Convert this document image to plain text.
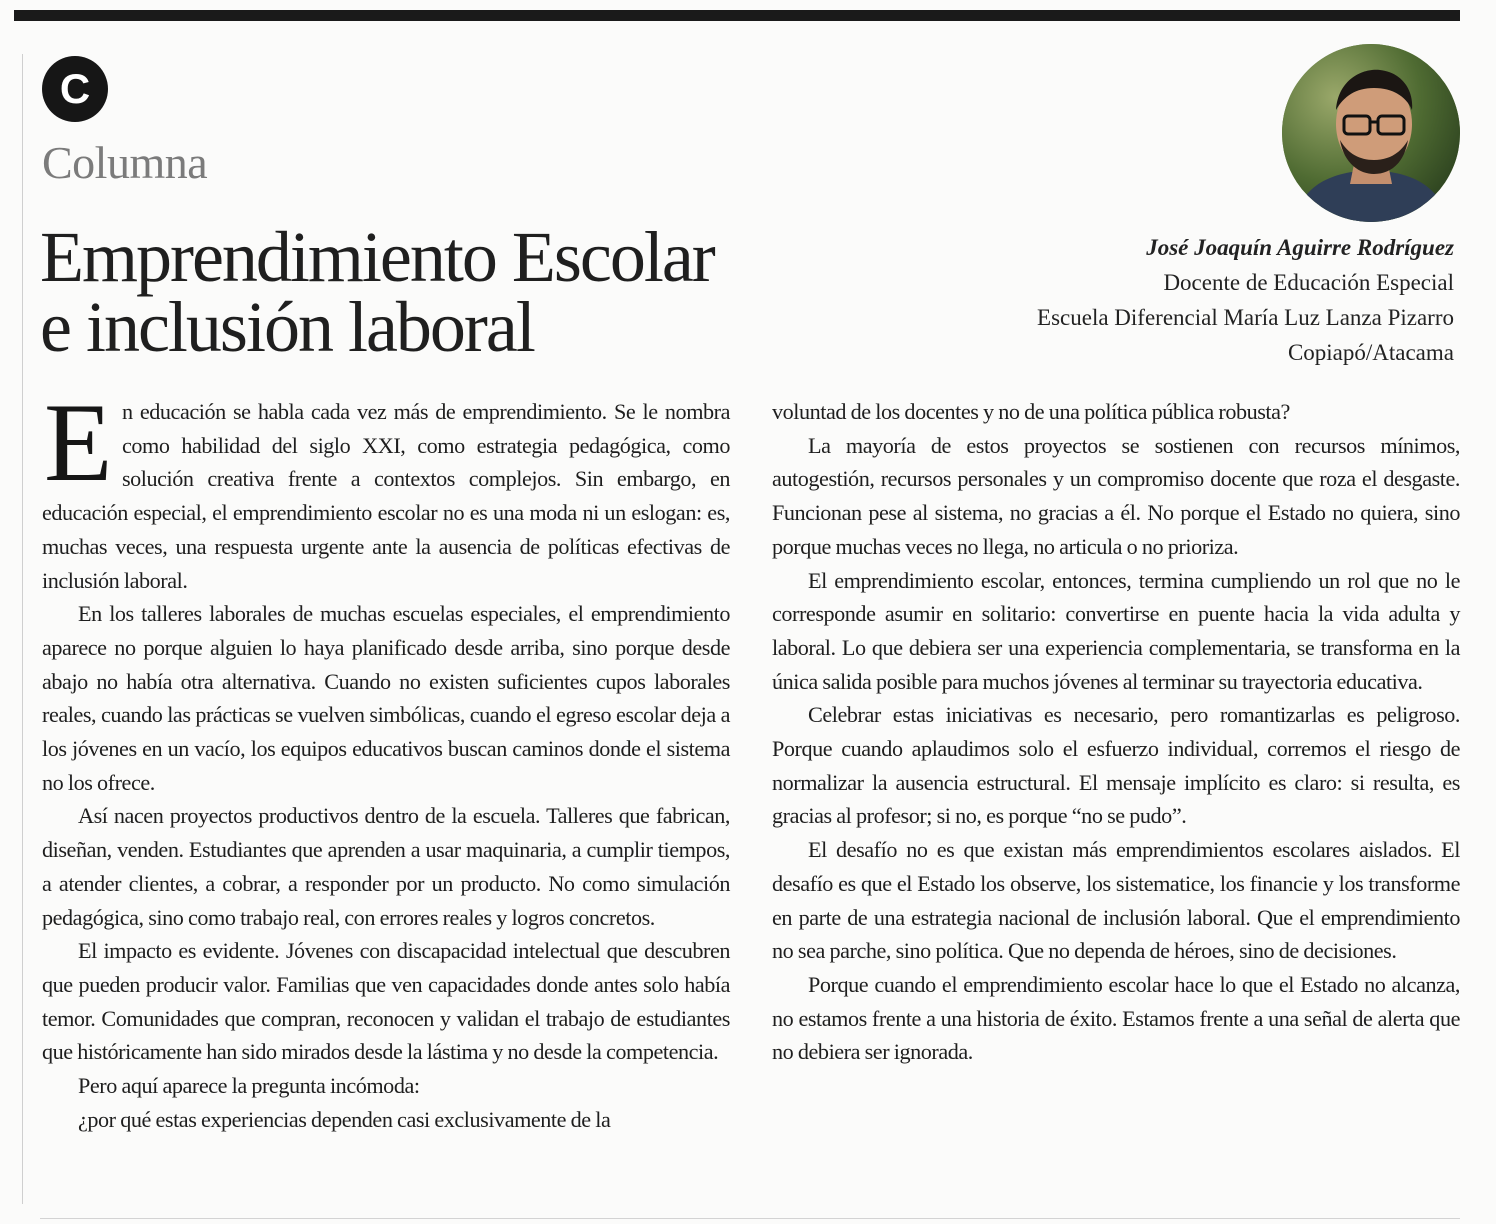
C
Columna
Emprendimiento Escolar
e inclusión laboral
José Joaquín Aguirre Rodríguez
Docente de Educación Especial
Escuela Diferencial María Luz Lanza Pizarro
Copiapó/Atacama

En educación se habla cada vez más de emprendimiento. Se le nombra como habilidad del siglo XXI, como estrategia pedagógica, como solución creativa frente a contextos complejos. Sin embargo, en educación especial, el emprendimiento escolar no es una moda ni un eslogan: es, muchas veces, una respuesta urgente ante la ausencia de políticas efectivas de inclusión laboral.

En los talleres laborales de muchas escuelas especiales, el emprendimiento aparece no porque alguien lo haya planificado desde arriba, sino porque desde abajo no había otra alternativa. Cuando no existen suficientes cupos laborales reales, cuando las prácticas se vuelven simbólicas, cuando el egreso escolar deja a los jóvenes en un vacío, los equipos educativos buscan caminos donde el sistema no los ofrece.

Así nacen proyectos productivos dentro de la escuela. Talleres que fabrican, diseñan, venden. Estudiantes que aprenden a usar maquinaria, a cumplir tiempos, a atender clientes, a cobrar, a responder por un producto. No como simulación pedagógica, sino como trabajo real, con errores reales y logros concretos.

El impacto es evidente. Jóvenes con discapacidad intelectual que descubren que pueden producir valor. Familias que ven capacidades donde antes solo había temor. Comunidades que compran, reconocen y validan el trabajo de estudiantes que históricamente han sido mirados desde la lástima y no desde la competencia.

Pero aquí aparece la pregunta incómoda:

¿por qué estas experiencias dependen casi exclusivamente de la

voluntad de los docentes y no de una política pública robusta?

La mayoría de estos proyectos se sostienen con recursos mínimos, autogestión, recursos personales y un compromiso docente que roza el desgaste. Funcionan pese al sistema, no gracias a él. No porque el Estado no quiera, sino porque muchas veces no llega, no articula o no prioriza.

El emprendimiento escolar, entonces, termina cumpliendo un rol que no le corresponde asumir en solitario: convertirse en puente hacia la vida adulta y laboral. Lo que debiera ser una experiencia complementaria, se transforma en la única salida posible para muchos jóvenes al terminar su trayectoria educativa.

Celebrar estas iniciativas es necesario, pero romantizarlas es peligroso. Porque cuando aplaudimos solo el esfuerzo individual, corremos el riesgo de normalizar la ausencia estructural. El mensaje implícito es claro: si resulta, es gracias al profesor; si no, es porque “no se pudo”.

El desafío no es que existan más emprendimientos escolares aislados. El desafío es que el Estado los observe, los sistematice, los financie y los transforme en parte de una estrategia nacional de inclusión laboral. Que el emprendimiento no sea parche, sino política. Que no dependa de héroes, sino de decisiones.

Porque cuando el emprendimiento escolar hace lo que el Estado no alcanza, no estamos frente a una historia de éxito. Estamos frente a una señal de alerta que no debiera ser ignorada.
